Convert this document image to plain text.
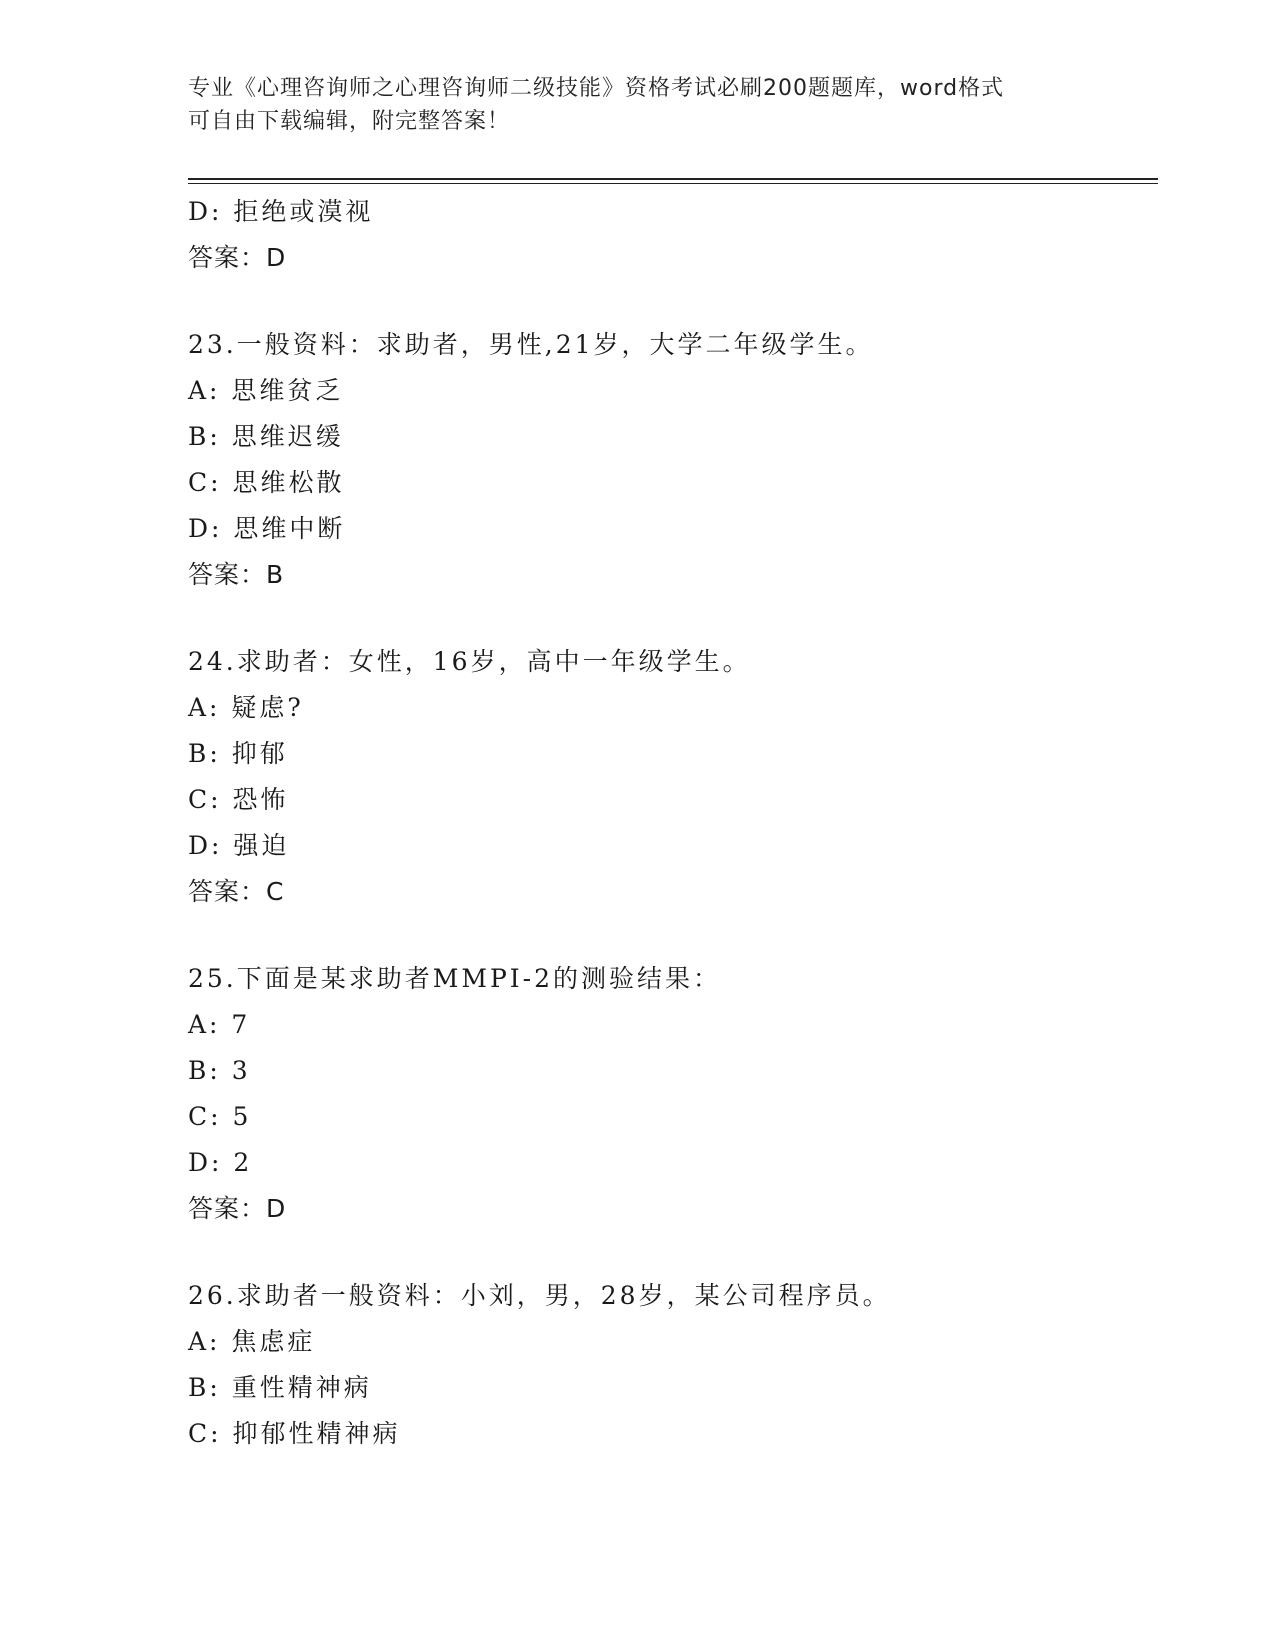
专业《心理咨询师之心理咨询师二级技能》资格考试必刷200题题库，word格式
可自由下载编辑，附完整答案！
D: 拒绝或漠视
答案：D
23.一般资料：求助者，男性,21岁，大学二年级学生。
A: 思维贫乏
B: 思维迟缓
C: 思维松散
D: 思维中断
答案：B
24.求助者：女性，16岁，高中一年级学生。
A: 疑虑?
B: 抑郁
C: 恐怖
D: 强迫
答案：C
25.下面是某求助者MMPI-2的测验结果：
A: 7
B: 3
C: 5
D: 2
答案：D
26.求助者一般资料：小刘，男，28岁，某公司程序员。
A: 焦虑症
B: 重性精神病
C: 抑郁性精神病
